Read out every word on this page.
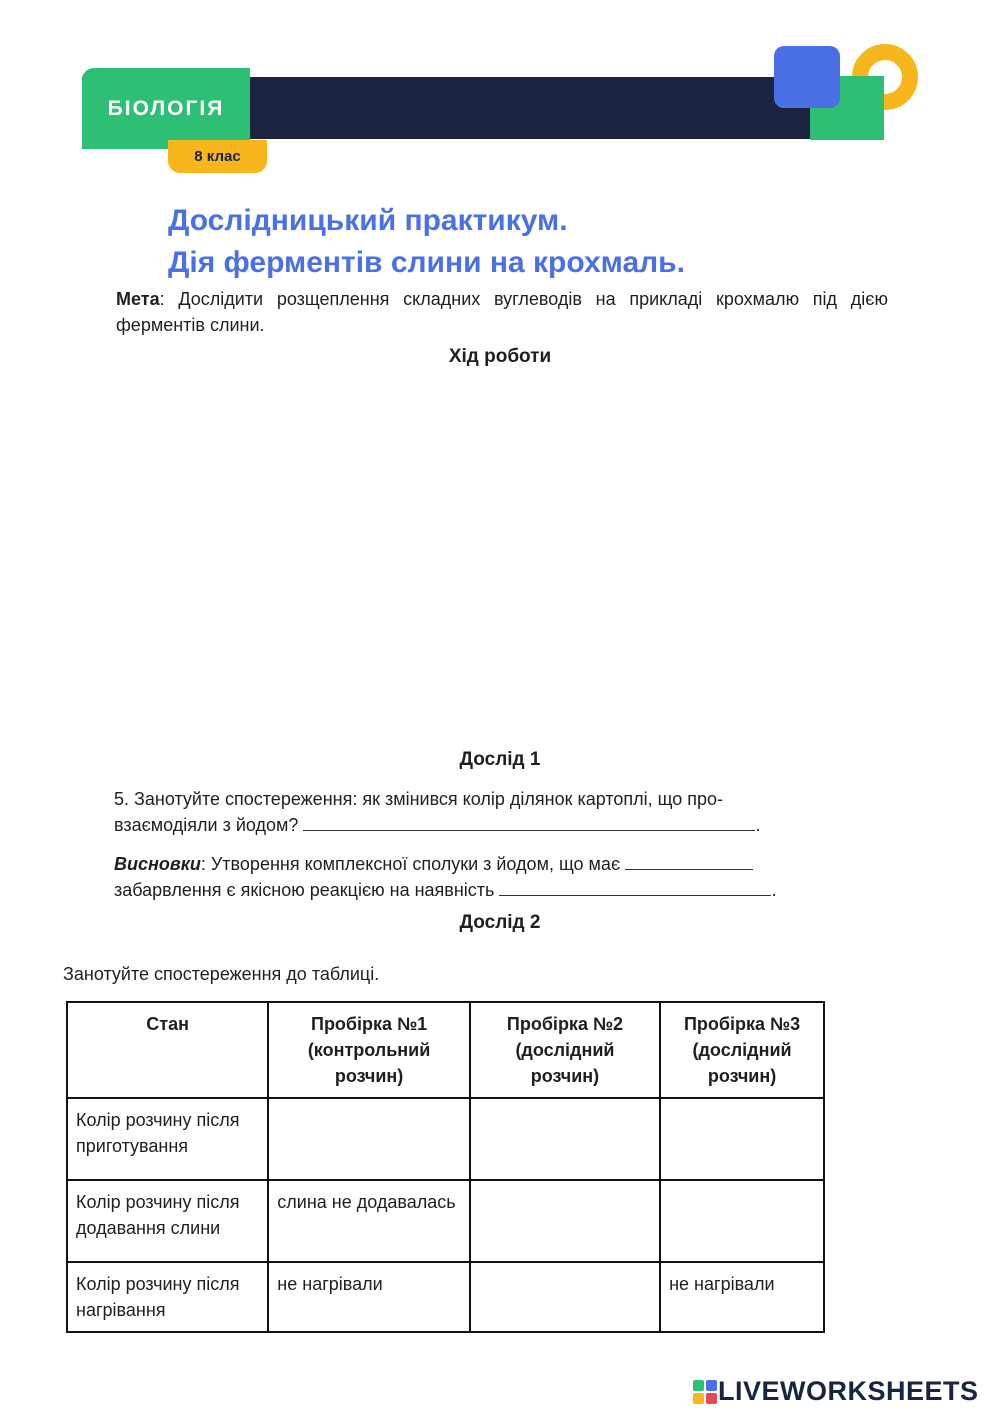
БІОЛОГІЯ
8 клас
Дослідницький практикум.
Дія ферментів слини на крохмаль.
Мета: Дослідити розщеплення складних вуглеводів на прикладі крохмалю під дією ферментів слини.
Хід роботи
Дослід 1
5. Занотуйте спостереження: як змінився колір ділянок картоплі, що про-
взаємодіяли з йодом?	.
Висновки: Утворення комплексної сполуки з йодом, що має
забарвлення є якісною реакцією на наявність	.
Дослід 2
Занотуйте спостереження до таблиці.
Стан	Пробірка №1 (контрольний розчин)	Пробірка №2 (дослідний розчин)	Пробірка №3 (дослідний розчин)
Колір розчину після приготування			
Колір розчину після додавання слини	слина не додавалась		
Колір розчину після нагрівання	не нагрівали		не нагрівали
LIVEWORKSHEETS
